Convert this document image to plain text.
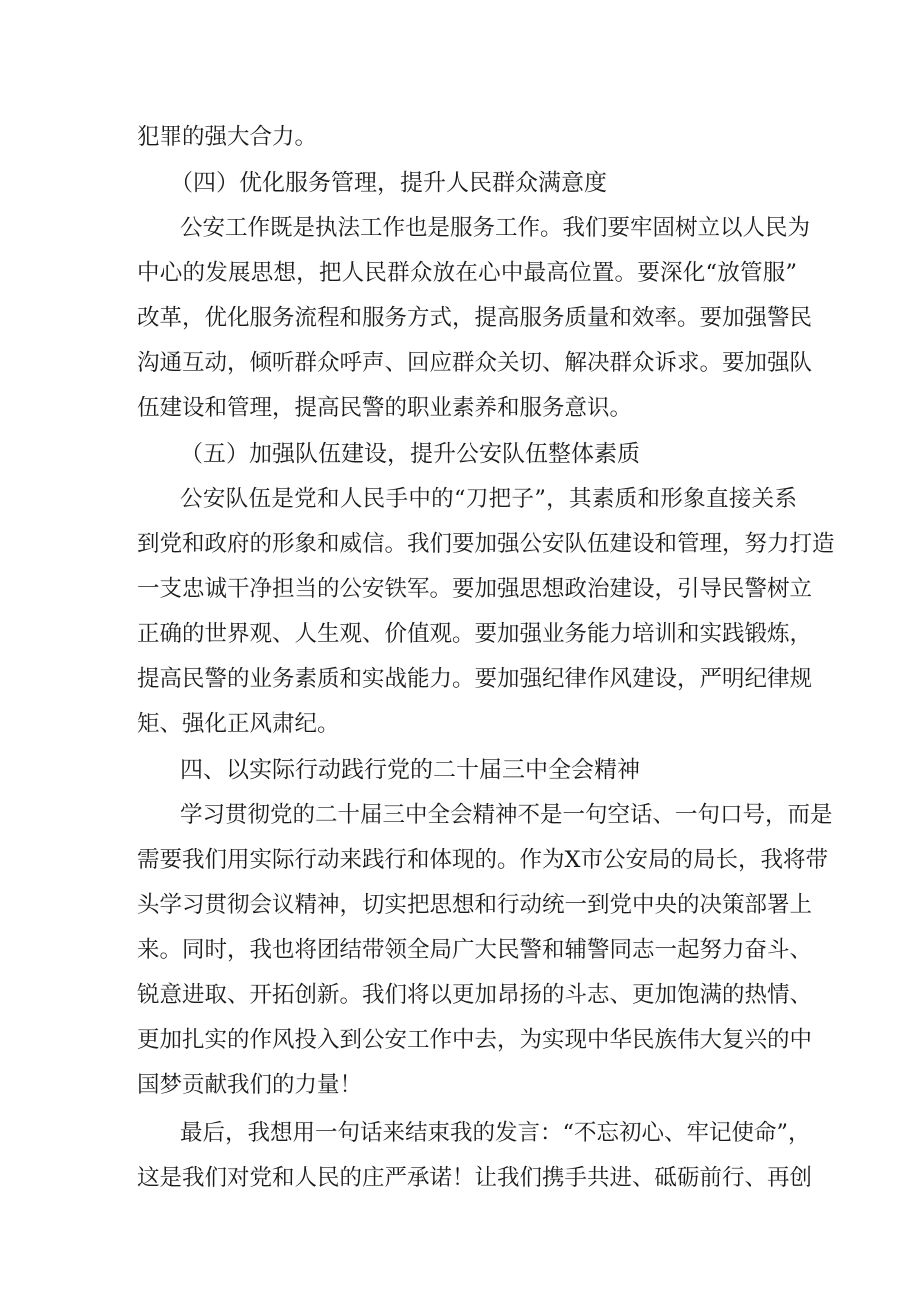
犯罪的强大合力。
（四）优化服务管理，提升人民群众满意度
公安工作既是执法工作也是服务工作。我们要牢固树立以人民为
中心的发展思想，把人民群众放在心中最高位置。要深化“放管服”
改革，优化服务流程和服务方式，提高服务质量和效率。要加强警民
沟通互动，倾听群众呼声、回应群众关切、解决群众诉求。要加强队
伍建设和管理，提高民警的职业素养和服务意识。
（五）加强队伍建设，提升公安队伍整体素质
公安队伍是党和人民手中的“刀把子”，其素质和形象直接关系
到党和政府的形象和威信。我们要加强公安队伍建设和管理，努力打造
一支忠诚干净担当的公安铁军。要加强思想政治建设，引导民警树立
正确的世界观、人生观、价值观。要加强业务能力培训和实践锻炼，
提高民警的业务素质和实战能力。要加强纪律作风建设，严明纪律规
矩、强化正风肃纪。
四、以实际行动践行党的二十届三中全会精神
学习贯彻党的二十届三中全会精神不是一句空话、一句口号，而是
需要我们用实际行动来践行和体现的。作为X市公安局的局长，我将带
头学习贯彻会议精神，切实把思想和行动统一到党中央的决策部署上
来。同时，我也将团结带领全局广大民警和辅警同志一起努力奋斗、
锐意进取、开拓创新。我们将以更加昂扬的斗志、更加饱满的热情、
更加扎实的作风投入到公安工作中去，为实现中华民族伟大复兴的中
国梦贡献我们的力量！
最后，我想用一句话来结束我的发言：“不忘初心、牢记使命”，
这是我们对党和人民的庄严承诺！让我们携手共进、砥砺前行、再创
